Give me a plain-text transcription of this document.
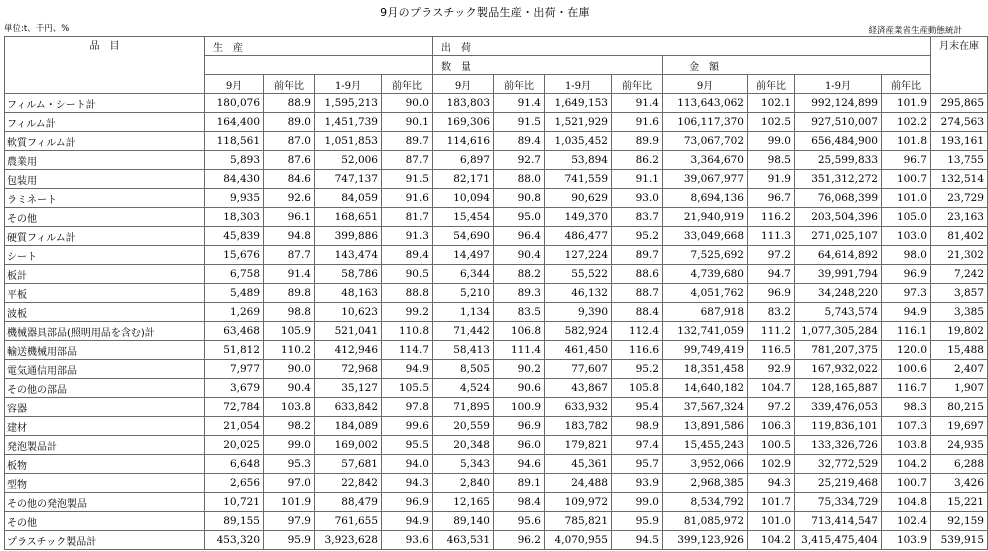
9月のプラスチック製品生産・出荷・在庫
単位:t、千円、%	経済産業省生産動態統計
品　目	生　産				出　荷								月末在庫
					数　量				金　額				
	9月	前年比	1-9月	前年比	9月	前年比	1-9月	前年比	9月	前年比	1-9月	前年比	
フィルム・シート計	180,076	88.9	1,595,213	90.0	183,803	91.4	1,649,153	91.4	113,643,062	102.1	992,124,899	101.9	295,865
フィルム計	164,400	89.0	1,451,739	90.1	169,306	91.5	1,521,929	91.6	106,117,370	102.5	927,510,007	102.2	274,563
軟質フィルム計	118,561	87.0	1,051,853	89.7	114,616	89.4	1,035,452	89.9	73,067,702	99.0	656,484,900	101.8	193,161
農業用	5,893	87.6	52,006	87.7	6,897	92.7	53,894	86.2	3,364,670	98.5	25,599,833	96.7	13,755
包装用	84,430	84.6	747,137	91.5	82,171	88.0	741,559	91.1	39,067,977	91.9	351,312,272	100.7	132,514
ラミネート	9,935	92.6	84,059	91.6	10,094	90.8	90,629	93.0	8,694,136	96.7	76,068,399	101.0	23,729
その他	18,303	96.1	168,651	81.7	15,454	95.0	149,370	83.7	21,940,919	116.2	203,504,396	105.0	23,163
硬質フィルム計	45,839	94.8	399,886	91.3	54,690	96.4	486,477	95.2	33,049,668	111.3	271,025,107	103.0	81,402
シート	15,676	87.7	143,474	89.4	14,497	90.4	127,224	89.7	7,525,692	97.2	64,614,892	98.0	21,302
板計	6,758	91.4	58,786	90.5	6,344	88.2	55,522	88.6	4,739,680	94.7	39,991,794	96.9	7,242
平板	5,489	89.8	48,163	88.8	5,210	89.3	46,132	88.7	4,051,762	96.9	34,248,220	97.3	3,857
波板	1,269	98.8	10,623	99.2	1,134	83.5	9,390	88.4	687,918	83.2	5,743,574	94.9	3,385
機械器具部品(照明用品を含む)計	63,468	105.9	521,041	110.8	71,442	106.8	582,924	112.4	132,741,059	111.2	1,077,305,284	116.1	19,802
輸送機械用部品	51,812	110.2	412,946	114.7	58,413	111.4	461,450	116.6	99,749,419	116.5	781,207,375	120.0	15,488
電気通信用部品	7,977	90.0	72,968	94.9	8,505	90.2	77,607	95.2	18,351,458	92.9	167,932,022	100.6	2,407
その他の部品	3,679	90.4	35,127	105.5	4,524	90.6	43,867	105.8	14,640,182	104.7	128,165,887	116.7	1,907
容器	72,784	103.8	633,842	97.8	71,895	100.9	633,932	95.4	37,567,324	97.2	339,476,053	98.3	80,215
建材	21,054	98.2	184,089	99.6	20,559	96.9	183,782	98.9	13,891,586	106.3	119,836,101	107.3	19,697
発泡製品計	20,025	99.0	169,002	95.5	20,348	96.0	179,821	97.4	15,455,243	100.5	133,326,726	103.8	24,935
板物	6,648	95.3	57,681	94.0	5,343	94.6	45,361	95.7	3,952,066	102.9	32,772,529	104.2	6,288
型物	2,656	97.0	22,842	94.3	2,840	89.1	24,488	93.9	2,968,385	94.3	25,219,468	100.7	3,426
その他の発泡製品	10,721	101.9	88,479	96.9	12,165	98.4	109,972	99.0	8,534,792	101.7	75,334,729	104.8	15,221
その他	89,155	97.9	761,655	94.9	89,140	95.6	785,821	95.9	81,085,972	101.0	713,414,547	102.4	92,159
プラスチック製品計	453,320	95.9	3,923,628	93.6	463,531	96.2	4,070,955	94.5	399,123,926	104.2	3,415,475,404	103.9	539,915
